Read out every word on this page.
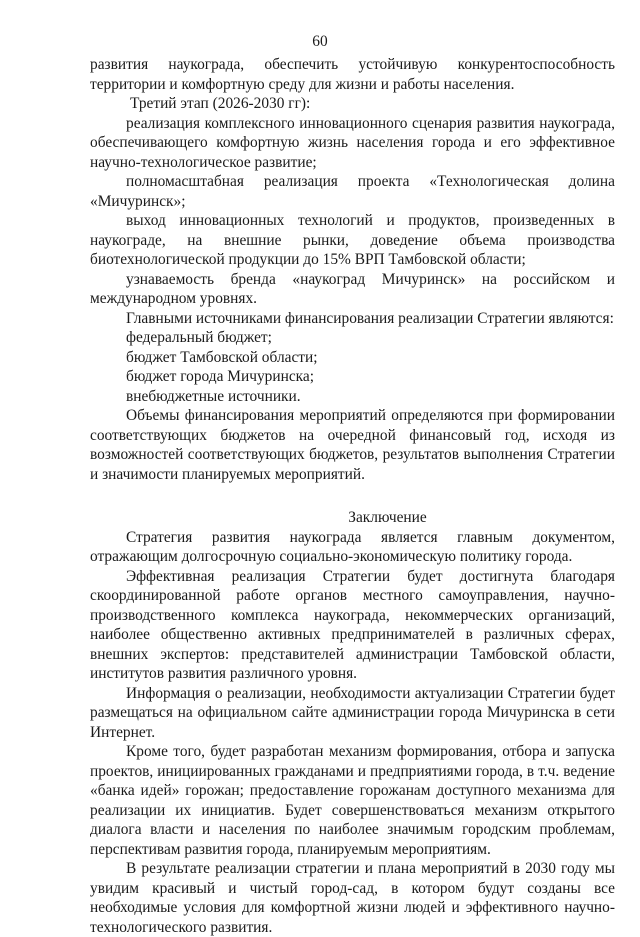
60

развития наукограда, обеспечить устойчивую конкурентоспособность территории и комфортную среду для жизни и работы населения.

Третий этап (2026-2030 гг):

реализация комплексного инновационного сценария развития наукограда, обеспечивающего комфортную жизнь населения города и его эффективное научно-технологическое развитие;

полномасштабная реализация проекта «Технологическая долина «Мичуринск»;

выход инновационных технологий и продуктов, произведенных в наукограде, на внешние рынки, доведение объема производства биотехнологической продукции до 15% ВРП Тамбовской области;

узнаваемость бренда «наукоград Мичуринск» на российском и международном уровнях.

Главными источниками финансирования реализации Стратегии являются:

федеральный бюджет;

бюджет Тамбовской области;

бюджет города Мичуринска;

внебюджетные источники.

Объемы финансирования мероприятий определяются при формировании соответствующих бюджетов на очередной финансовый год, исходя из возможностей соответствующих бюджетов, результатов выполнения Стратегии и значимости планируемых мероприятий.

Заключение

Стратегия развития наукограда является главным документом, отражающим долгосрочную социально-экономическую политику города.

Эффективная реализация Стратегии будет достигнута благодаря скоординированной работе органов местного самоуправления, научно-производственного комплекса наукограда, некоммерческих организаций, наиболее общественно активных предпринимателей в различных сферах, внешних экспертов: представителей администрации Тамбовской области, институтов развития различного уровня.

Информация о реализации, необходимости актуализации Стратегии будет размещаться на официальном сайте администрации города Мичуринска в сети Интернет.

Кроме того, будет разработан механизм формирования, отбора и запуска проектов, инициированных гражданами и предприятиями города, в т.ч. ведение «банка идей» горожан; предоставление горожанам доступного механизма для реализации их инициатив. Будет совершенствоваться механизм открытого диалога власти и населения по наиболее значимым городским проблемам, перспективам развития города, планируемым мероприятиям.

В результате реализации стратегии и плана мероприятий в 2030 году мы увидим красивый и чистый город-сад, в котором будут созданы все необходимые условия для комфортной жизни людей и эффективного научно-технологического развития.
